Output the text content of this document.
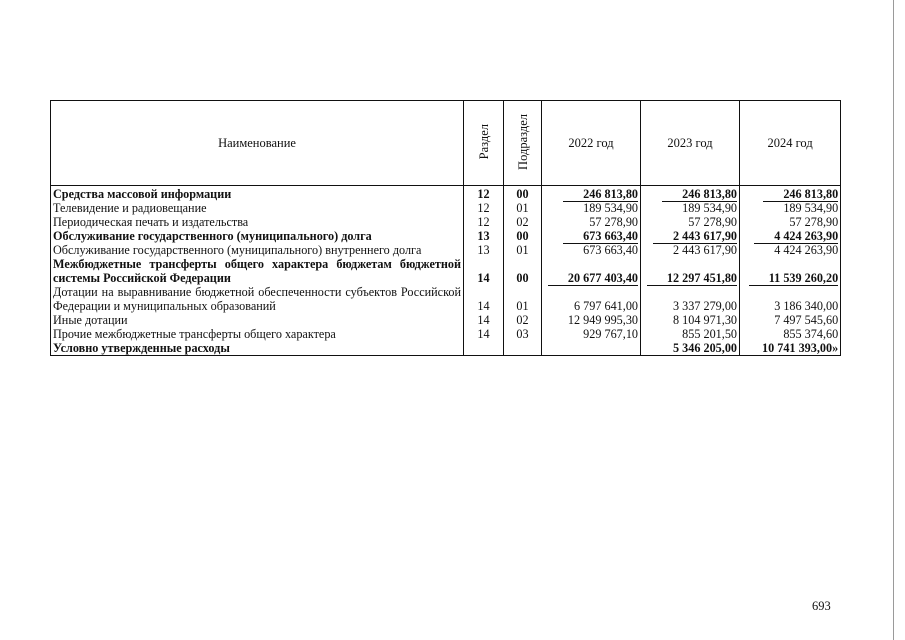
Наименование	Раздел	Подраздел	2022 год	2023 год	2024 год
Средства массовой информации	12	00	246 813,80	246 813,80	246 813,80
Телевидение и радиовещание	12	01	189 534,90	189 534,90	189 534,90
Периодическая печать и издательства	12	02	57 278,90	57 278,90	57 278,90
Обслуживание государственного (муниципального) долга	13	00	673 663,40	2 443 617,90	4 424 263,90
Обслуживание государственного (муниципального) внутреннего долга	13	01	673 663,40	2 443 617,90	4 424 263,90
Межбюджетные трансферты общего характера бюджетам бюджетной системы Российской Федерации	14	00	20 677 403,40	12 297 451,80	11 539 260,20
Дотации на выравнивание бюджетной обеспеченности субъектов Российской Федерации и муниципальных образований	14	01	6 797 641,00	3 337 279,00	3 186 340,00
Иные дотации	14	02	12 949 995,30	8 104 971,30	7 497 545,60
Прочие межбюджетные трансферты общего характера	14	03	929 767,10	855 201,50	855 374,60
Условно утвержденные расходы				5 346 205,00	10 741 393,00»
693
